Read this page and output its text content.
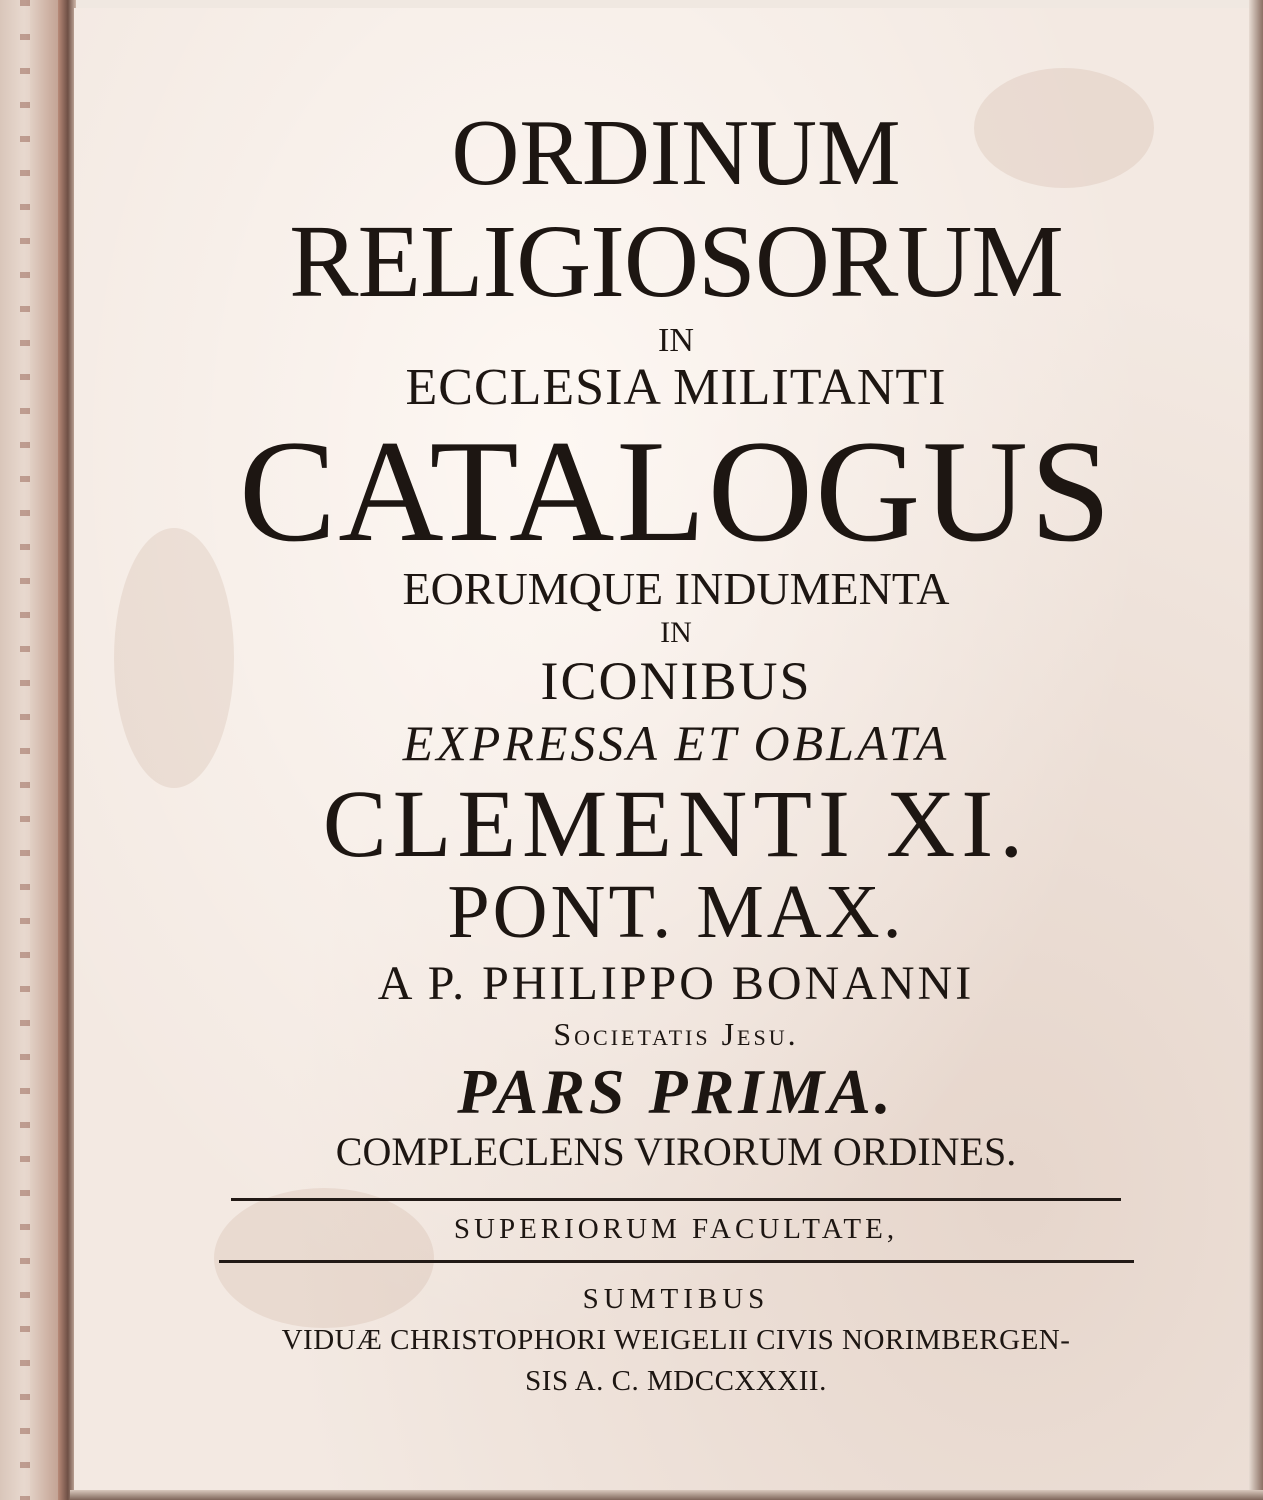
ORDINUM
RELIGIOSORUM
IN
ECCLESIA MILITANTI
CATALOGUS
EORUMQUE INDUMENTA
IN
ICONIBUS
EXPRESSA ET OBLATA
CLEMENTI XI.
PONT. MAX.
A P. PHILIPPO BONANNI
Societatis Jesu.
PARS PRIMA.
COMPLECLENS VIRORUM ORDINES.
SUPERIORUM FACULTATE,
SUMTIBUS
VIDUÆ CHRISTOPHORI WEIGELII CIVIS NORIMBERGEN-
SIS A. C. MDCCXXXII.
